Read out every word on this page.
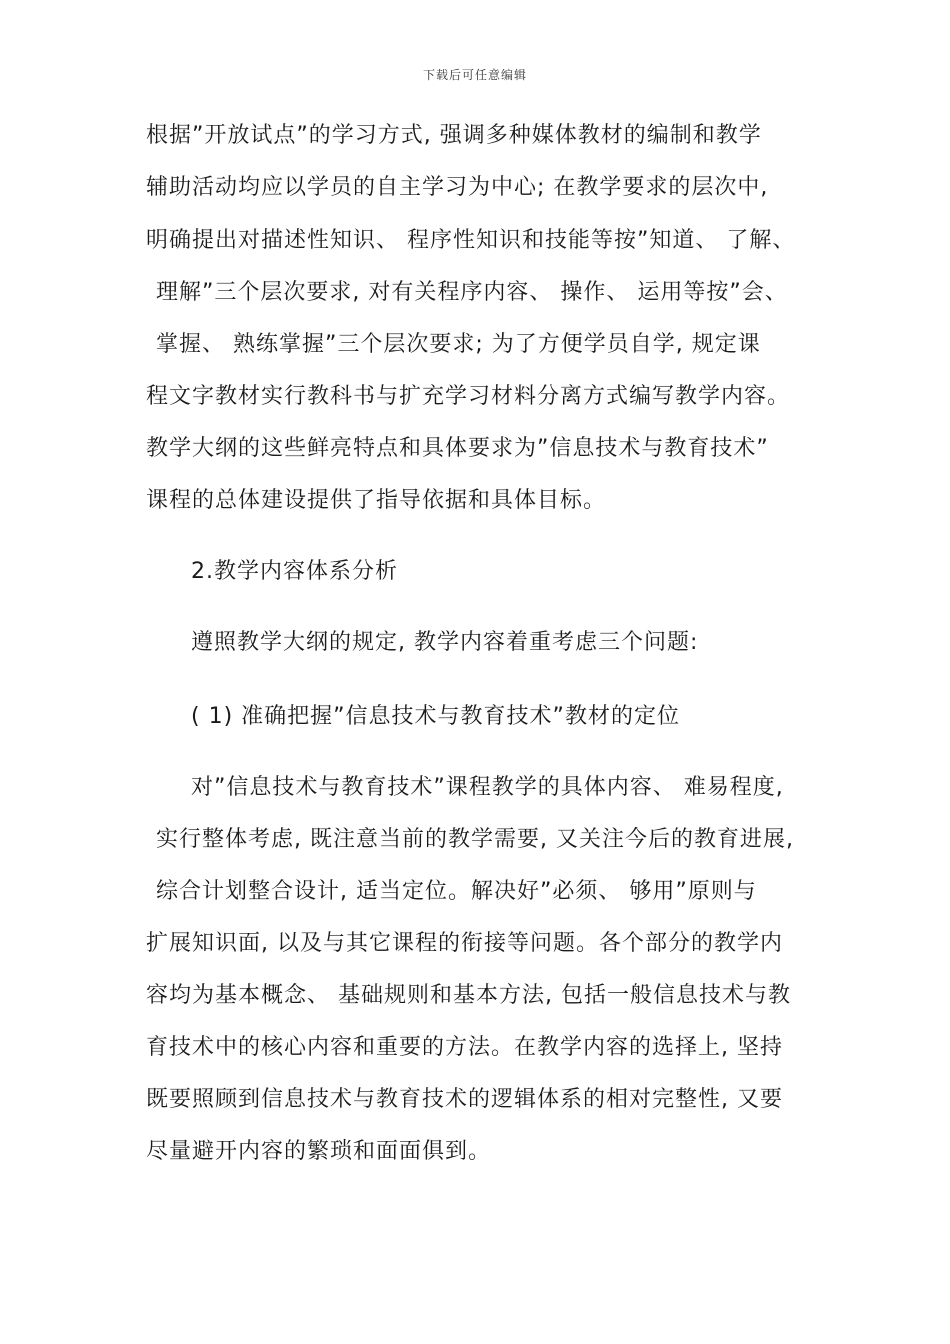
下载后可任意编辑
根据”开放试点”的学习方式, 强调多种媒体教材的编制和教学
辅助活动均应以学员的自主学习为中心; 在教学要求的层次中,
明确提出对描述性知识、 程序性知识和技能等按”知道、 了解、
理解”三个层次要求, 对有关程序内容、 操作、 运用等按”会、
掌握、 熟练掌握”三个层次要求; 为了方便学员自学, 规定课
程文字教材实行教科书与扩充学习材料分离方式编写教学内容。
教学大纲的这些鲜亮特点和具体要求为”信息技术与教育技术”
课程的总体建设提供了指导依据和具体目标。
2.教学内容体系分析
遵照教学大纲的规定, 教学内容着重考虑三个问题:
( 1) 准确把握”信息技术与教育技术”教材的定位
对”信息技术与教育技术”课程教学的具体内容、 难易程度,
实行整体考虑, 既注意当前的教学需要, 又关注今后的教育进展,
综合计划整合设计, 适当定位。解决好”必须、 够用”原则与
扩展知识面, 以及与其它课程的衔接等问题。各个部分的教学内
容均为基本概念、 基础规则和基本方法, 包括一般信息技术与教
育技术中的核心内容和重要的方法。在教学内容的选择上, 坚持
既要照顾到信息技术与教育技术的逻辑体系的相对完整性, 又要
尽量避开内容的繁琐和面面俱到。
